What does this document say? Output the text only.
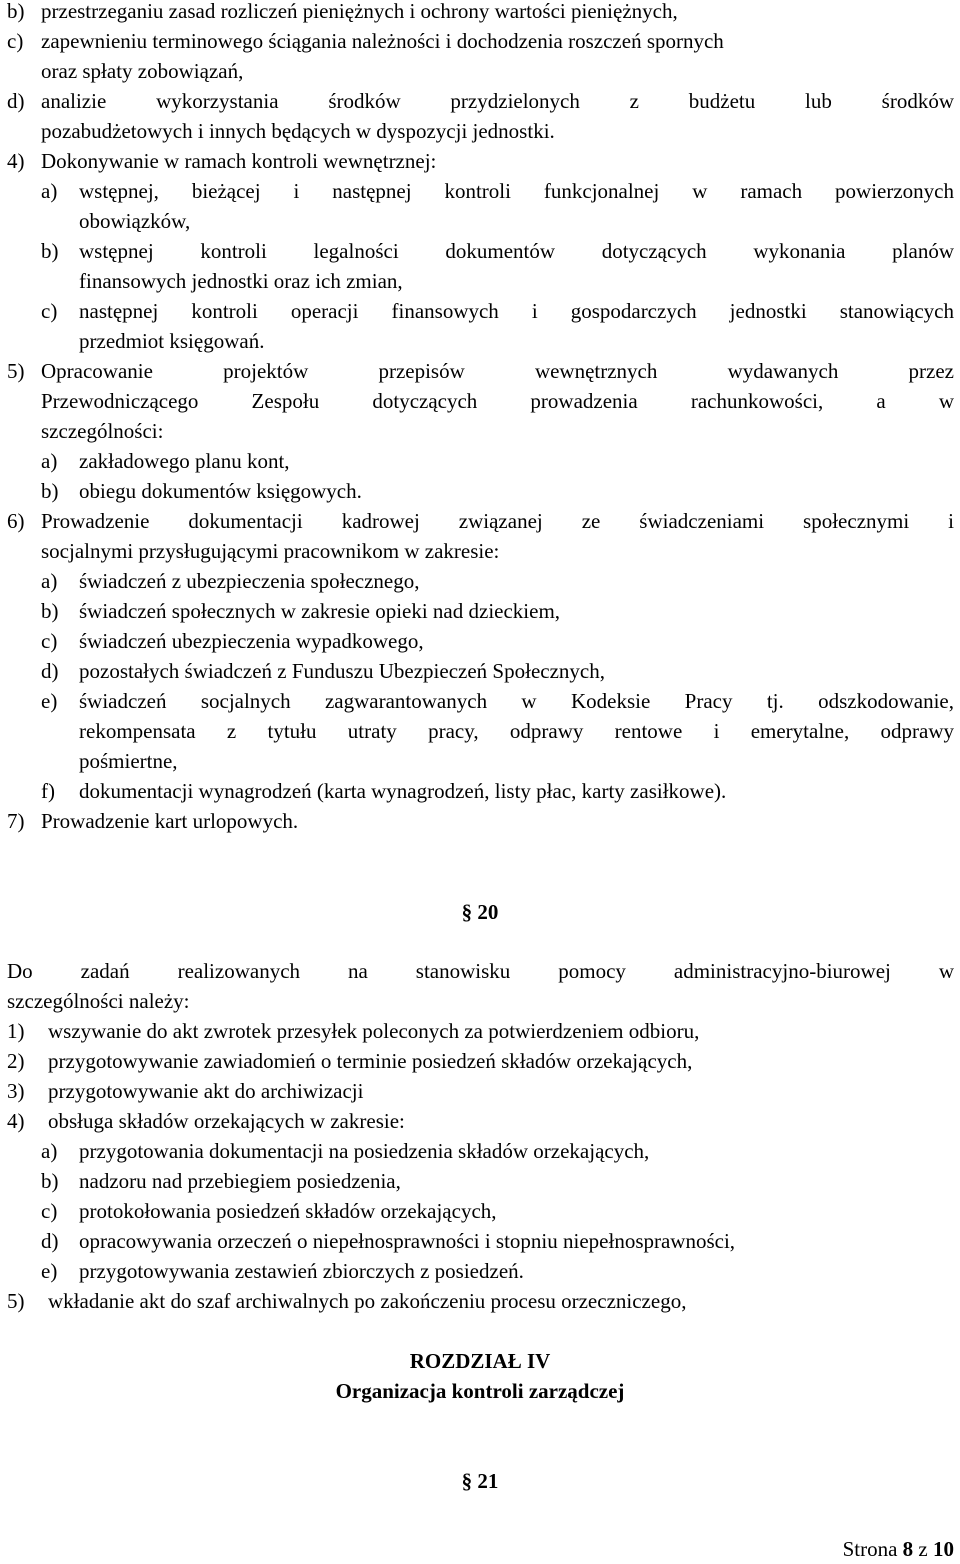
b) przestrzeganiu zasad rozliczeń pieniężnych i ochrony wartości pieniężnych,
c) zapewnieniu terminowego ściągania należności i dochodzenia roszczeń spornych
oraz spłaty zobowiązań,
d) analizie wykorzystania środków przydzielonych z budżetu lub środków
pozabudżetowych i innych będących w dyspozycji jednostki.
4) Dokonywanie w ramach kontroli wewnętrznej:
a) wstępnej, bieżącej i następnej kontroli funkcjonalnej w ramach powierzonych
obowiązków,
b) wstępnej kontroli legalności dokumentów dotyczących wykonania planów
finansowych jednostki oraz ich zmian,
c) następnej kontroli operacji finansowych i gospodarczych jednostki stanowiących
przedmiot księgowań.
5) Opracowanie projektów przepisów wewnętrznych wydawanych przez
Przewodniczącego Zespołu dotyczących prowadzenia rachunkowości, a w
szczególności:
a) zakładowego planu kont,
b) obiegu dokumentów księgowych.
6) Prowadzenie dokumentacji kadrowej związanej ze świadczeniami społecznymi i
socjalnymi przysługującymi pracownikom w zakresie:
a) świadczeń z ubezpieczenia społecznego,
b) świadczeń społecznych w zakresie opieki nad dzieckiem,
c) świadczeń ubezpieczenia wypadkowego,
d) pozostałych świadczeń z Funduszu Ubezpieczeń Społecznych,
e) świadczeń socjalnych zagwarantowanych w Kodeksie Pracy tj. odszkodowanie,
rekompensata z tytułu utraty pracy, odprawy rentowe i emerytalne, odprawy
pośmiertne,
f) dokumentacji wynagrodzeń (karta wynagrodzeń, listy płac, karty zasiłkowe).
7) Prowadzenie kart urlopowych.
§ 20
Do zadań realizowanych na stanowisku pomocy administracyjno-biurowej w
szczególności należy:
1) wszywanie do akt zwrotek przesyłek poleconych za potwierdzeniem odbioru,
2) przygotowywanie zawiadomień o terminie posiedzeń składów orzekających,
3) przygotowywanie akt do archiwizacji
4) obsługa składów orzekających w zakresie:
a) przygotowania dokumentacji na posiedzenia składów orzekających,
b) nadzoru nad przebiegiem posiedzenia,
c) protokołowania posiedzeń składów orzekających,
d) opracowywania orzeczeń o niepełnosprawności i stopniu niepełnosprawności,
e) przygotowywania zestawień zbiorczych z posiedzeń.
5) wkładanie akt do szaf archiwalnych po zakończeniu procesu orzeczniczego,
ROZDZIAŁ IV
Organizacja kontroli zarządczej
§ 21
Strona 8 z 10
